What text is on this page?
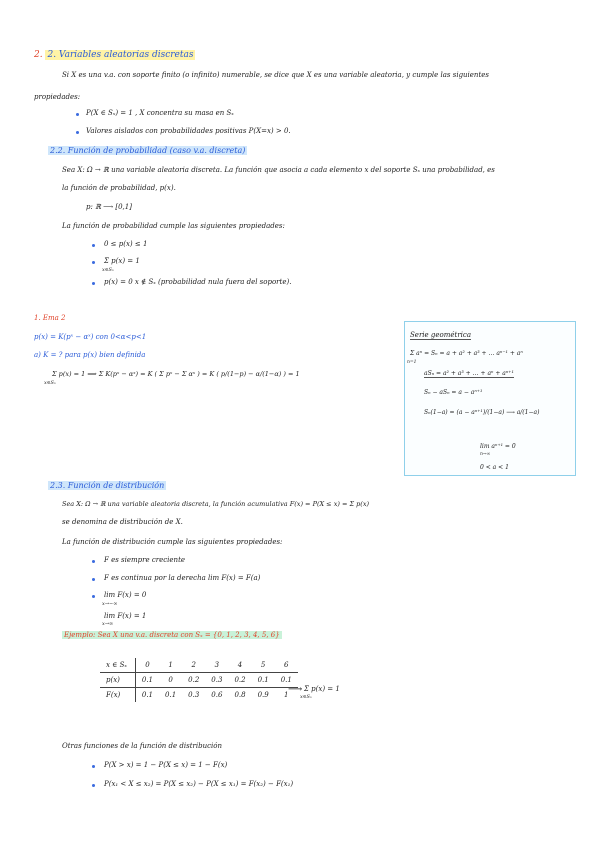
2. 2. Variables aleatorias discretas
Si X es una v.a. con soporte finito (o infinito) numerable, se dice que X es una variable aleatoria, y cumple las siguientes
propiedades:
P(X ∈ Sₓ) = 1 , X concentra su masa en Sₓ
Valores aislados con probabilidades positivas P(X=x) > 0.
2.2. Función de probabilidad (caso v.a. discreta)
Sea X: Ω → ℝ una variable aleatoria discreta. La función que asocia a cada elemento x del soporte Sₓ una probabilidad, es
la función de probabilidad, p(x).
p: ℝ ⟶ [0,1]
La función de probabilidad cumple las siguientes propiedades:
0 ≤ p(x) ≤ 1
Σ p(x) = 1
x∈Sₓ
p(x) = 0 x ∉ Sₓ (probabilidad nula fuera del soporte).
1. Ema 2
p(x) = K(pˣ − αˣ) con 0<α<p<1
a) K = ? para p(x) bien definida
Σ p(x) = 1 ⟹ Σ K(pˣ − αˣ) = K ( Σ pˣ − Σ αˣ ) = K ( p/(1−p) − α/(1−α) ) = 1
x∈Sₓ
Serie geométrica
Σ aⁿ = Sₙ = a + a² + a³ + … aⁿ⁻¹ + aⁿ
n=1
aSₙ = a² + a³ + … + aⁿ + aⁿ⁺¹
Sₙ − aSₙ = a − aⁿ⁺¹
Sₙ(1−a) = (a − aⁿ⁺¹)/(1−a) ⟶ a/(1−a)
lim aⁿ⁺¹ = 0
n→∞
0 < a < 1
2.3. Función de distribución
Sea X: Ω → ℝ una variable aleatoria discreta, la función acumulativa F(x) = P(X ≤ x) = Σ p(x)
se denomina de distribución de X.
La función de distribución cumple las siguientes propiedades:
F es siempre creciente
F es continua por la derecha lim F(x) = F(a)
lim F(x) = 0
x→−∞
lim F(x) = 1
x→∞
Ejemplo: Sea X una v.a. discreta con Sₓ = {0, 1, 2, 3, 4, 5, 6}
x ∈ Sₓ	0	1	2	3	4	5	6
p(x)	0.1	0	0.2	0.3	0.2	0.1	0.1
F(x)	0.1	0.1	0.3	0.6	0.8	0.9	1 ⟶ Σ p(x) = 1
x∈Sₓ
Otras funciones de la función de distribución
P(X > x) = 1 − P(X ≤ x) = 1 − F(x)
P(x₁ < X ≤ x₂) = P(X ≤ x₂) − P(X ≤ x₁) = F(x₂) − F(x₁)
